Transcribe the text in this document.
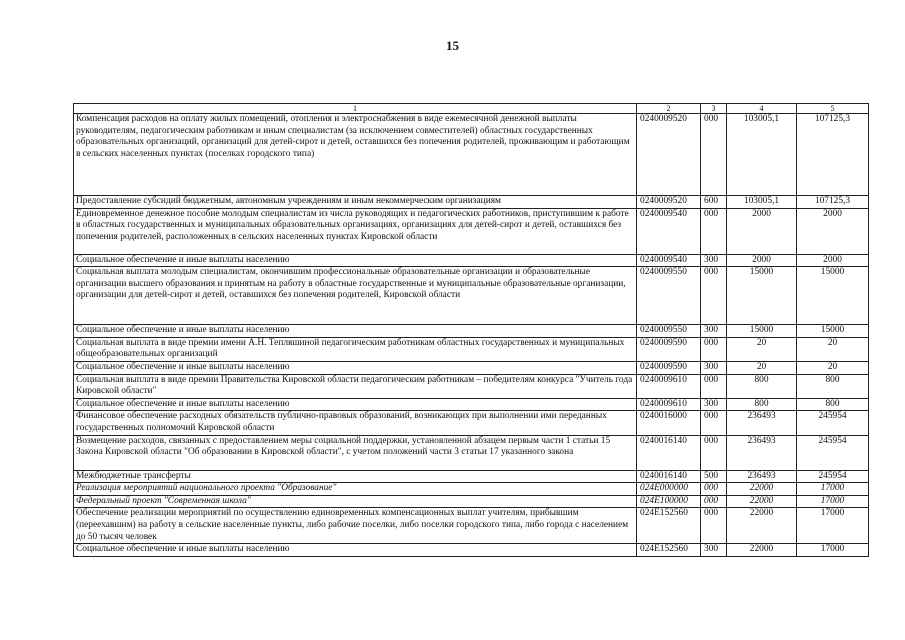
15
1	2	3	4	5
Компенсация расходов на оплату жилых помещений, отопления и электроснабжения в виде ежемесячной денежной выплаты руководителям, педагогическим работникам и иным специалистам (за исключением совместителей) областных государственных образовательных организаций, организаций для детей-сирот и детей, оставшихся без попечения родителей, проживающим и работающим в сельских населенных пунктах (поселках городского типа)	0240009520	000	103005,1	107125,3
Предоставление субсидий бюджетным, автономным учреждениям и иным некоммерческим организациям	0240009520	600	103005,1	107125,3
Единовременное денежное пособие молодым специалистам из числа руководящих и педагогических работников, приступившим к работе в областных государственных и муниципальных образовательных организациях, организациях для детей-сирот и детей, оставшихся без попечения родителей, расположенных в сельских населенных пунктах Кировской области	0240009540	000	2000	2000
Социальное обеспечение и иные выплаты населению	0240009540	300	2000	2000
Социальная выплата молодым специалистам, окончившим профессиональные образовательные организации и образовательные организации высшего образования и принятым на работу в областные государственные и муниципальные образовательные организации, организации для детей-сирот и детей, оставшихся без попечения родителей, Кировской области	0240009550	000	15000	15000
Социальное обеспечение и иные выплаты населению	0240009550	300	15000	15000
Социальная выплата в виде премии имени А.Н. Тепляшиной педагогическим работникам областных государственных и муниципальных общеобразовательных организаций	0240009590	000	20	20
Социальное обеспечение и иные выплаты населению	0240009590	300	20	20
Социальная выплата в виде премии Правительства Кировской области педагогическим работникам – победителям конкурса "Учитель года Кировской области"	0240009610	000	800	800
Социальное обеспечение и иные выплаты населению	0240009610	300	800	800
Финансовое обеспечение расходных обязательств публично-правовых образований, возникающих при выполнении ими переданных государственных полномочий Кировской области	0240016000	000	236493	245954
Возмещение расходов, связанных с предоставлением меры социальной поддержки, установленной абзацем первым части 1 статьи 15 Закона Кировской области "Об образовании в Кировской области", с учетом положений части 3 статьи 17 указанного закона	0240016140	000	236493	245954
Межбюджетные трансферты	0240016140	500	236493	245954
Реализация мероприятий национального проекта "Образование"	024E000000	000	22000	17000
Федеральный проект "Современная школа"	024E100000	000	22000	17000
Обеспечение реализации мероприятий по осуществлению единовременных компенсационных выплат учителям, прибывшим (переехавшим) на работу в сельские населенные пункты, либо рабочие поселки, либо поселки городского типа, либо города с населением до 50 тысяч человек	024E152560	000	22000	17000
Социальное обеспечение и иные выплаты населению	024E152560	300	22000	17000
